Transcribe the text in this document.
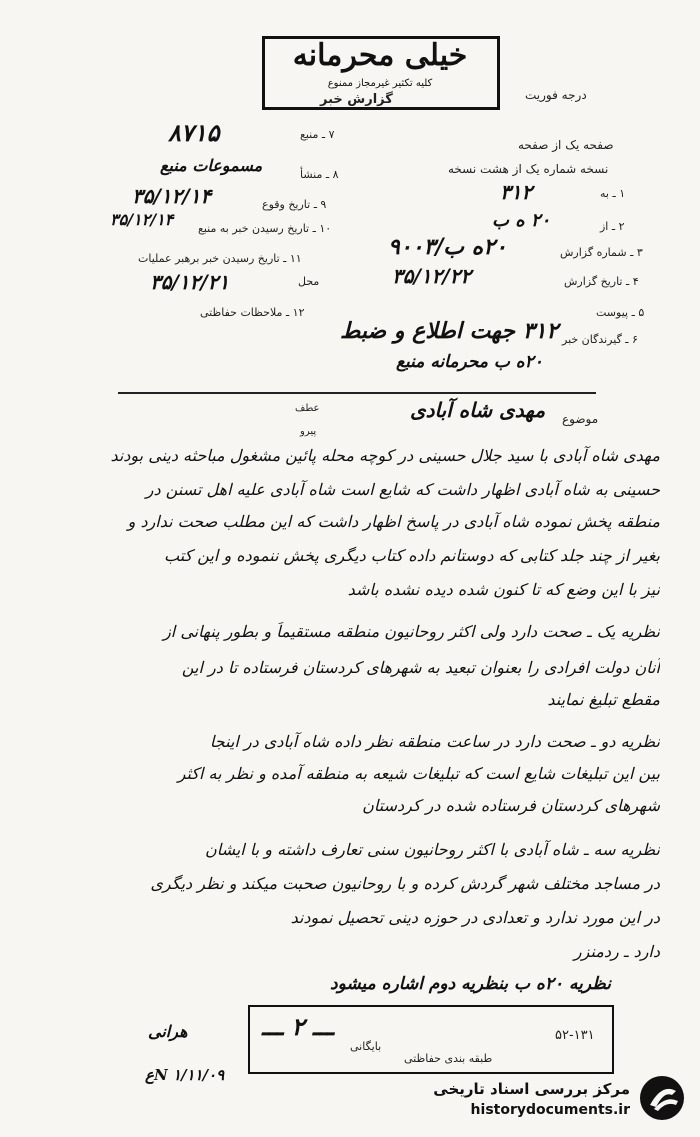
خیلی محرمانه
کلیه تکثیر غیرمجاز ممنوع
گزارش خبر	درجه فوریت
صفحه یک از صفحه
نسخه شماره یک از هشت نسخه
۷ ـ منبع
۸۷۱۵
۸ ـ منشأ
مسموعات منبع
۹ ـ تاریخ وقوع
۳۵/۱۲/۱۴
۱۰ ـ تاریخ رسیدن خبر به منبع
۳۵/۱۲/۱۴
۱۱ ـ تاریخ رسیدن خبر برهبر عملیات
محل
۳۵/۱۲/۲۱
۱۲ ـ ملاحظات حفاظتی
۱ ـ به
۳۱۲
۲ ـ از
۲۰ ه ب
۳ ـ شماره گزارش
۲۰ه ب/۹۰۰۳
۴ ـ تاریخ گزارش
۳۵/۱۲/۲۲
۵ ـ پیوست
۶ ـ گیرندگان خبر
۳۱۲ جهت اطلاع و ضبط
۲۰ه ب محرمانه منبع
عطف
پیرو
موضوع
مهدی شاه آبادی
مهدی شاه آبادی با سید جلال حسینی در کوچه محله پائین مشغول مباحثه دینی بودند
حسینی به شاه آبادی اظهار داشت که شایع است شاه آبادی علیه اهل تسنن در
منطقه پخش نموده شاه آبادی در پاسخ اظهار داشت که این مطلب صحت ندارد و
بغیر از چند جلد کتابی که دوستانم داده کتاب دیگری پخش ننموده و این کتب
نیز با این وضع که تا کنون شده دیده نشده باشد
نظریه یک ـ صحت دارد ولی اکثر روحانیون منطقه مستقیماً و بطور پنهانی از
آنان دولت افرادی را بعنوان تبعید به شهرهای کردستان فرستاده تا در این
مقطع تبلیغ نمایند
نظریه دو ـ صحت دارد در ساعت منطقه نظر داده شاه آبادی در اینجا
بین این تبلیغات شایع است که تبلیغات شیعه به منطقه آمده و نظر به اکثر
شهرهای کردستان فرستاده شده در کردستان
نظریه سه ـ شاه آبادی با اکثر روحانیون سنی تعارف داشته و با ایشان
در مساجد مختلف شهر گردش کرده و با روحانیون صحبت میکند و نظر دیگری
در این مورد ندارد و تعدادی در حوزه دینی تحصیل نمودند
دارد ـ ردمنزر
نظریه ۲۰ه ب بنظریه دوم اشاره میشود
ـــ ۲ ـــ
بایگانی
طبقه بندی حفاظتی
۵۲-۱۳۱
هرانی
۱/۱۱/۰۹ Nع
مرکز بررسی اسناد تاریخی
historydocuments.ir
